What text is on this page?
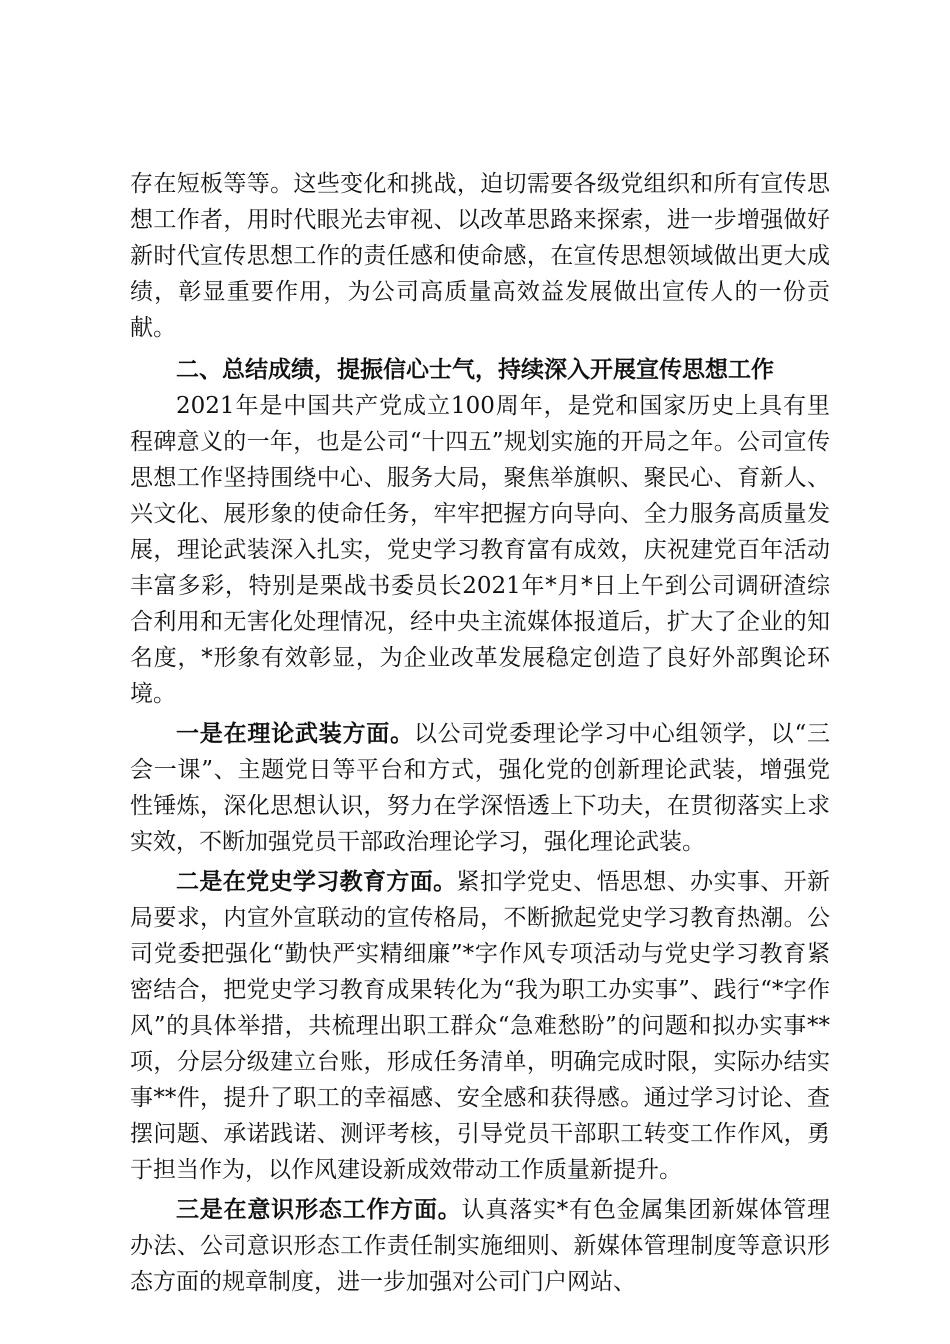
存在短板等等。这些变化和挑战，迫切需要各级党组织和所有宣传思想工作者，用时代眼光去审视、以改革思路来探索，进一步增强做好新时代宣传思想工作的责任感和使命感，在宣传思想领域做出更大成绩，彰显重要作用，为公司高质量高效益发展做出宣传人的一份贡献。

二、总结成绩，提振信心士气，持续深入开展宣传思想工作

2021年是中国共产党成立100周年，是党和国家历史上具有里程碑意义的一年，也是公司“十四五”规划实施的开局之年。公司宣传思想工作坚持围绕中心、服务大局，聚焦举旗帜、聚民心、育新人、兴文化、展形象的使命任务，牢牢把握方向导向、全力服务高质量发展，理论武装深入扎实，党史学习教育富有成效，庆祝建党百年活动丰富多彩，特别是栗战书委员长2021年*月*日上午到公司调研渣综合利用和无害化处理情况，经中央主流媒体报道后，扩大了企业的知名度，*形象有效彰显，为企业改革发展稳定创造了良好外部舆论环境。

一是在理论武装方面。以公司党委理论学习中心组领学，以“三会一课”、主题党日等平台和方式，强化党的创新理论武装，增强党性锤炼，深化思想认识，努力在学深悟透上下功夫，在贯彻落实上求实效，不断加强党员干部政治理论学习，强化理论武装。

二是在党史学习教育方面。紧扣学党史、悟思想、办实事、开新局要求，内宣外宣联动的宣传格局，不断掀起党史学习教育热潮。公司党委把强化“勤快严实精细廉”*字作风专项活动与党史学习教育紧密结合，把党史学习教育成果转化为“我为职工办实事”、践行“*字作风”的具体举措，共梳理出职工群众“急难愁盼”的问题和拟办实事**项，分层分级建立台账，形成任务清单，明确完成时限，实际办结实事**件，提升了职工的幸福感、安全感和获得感。通过学习讨论、查摆问题、承诺践诺、测评考核，引导党员干部职工转变工作作风，勇于担当作为，以作风建设新成效带动工作质量新提升。

三是在意识形态工作方面。认真落实*有色金属集团新媒体管理办法、公司意识形态工作责任制实施细则、新媒体管理制度等意识形态方面的规章制度，进一步加强对公司门户网站、
